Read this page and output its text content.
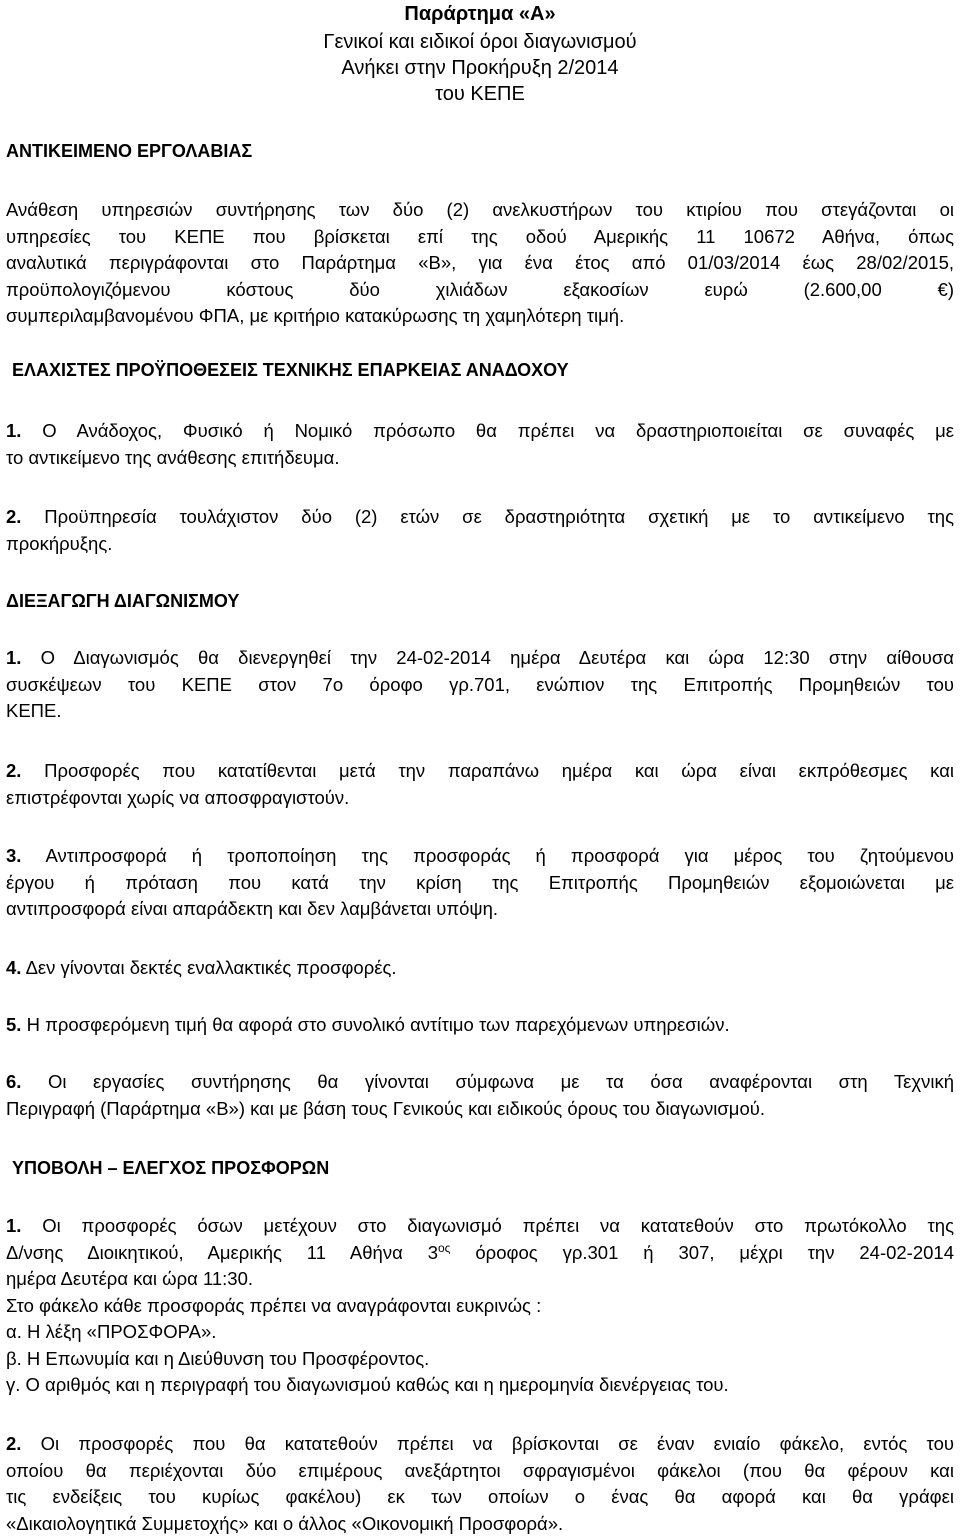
Παράρτημα «Α»
Γενικοί και ειδικοί όροι διαγωνισμού
Ανήκει στην Προκήρυξη 2/2014
του ΚΕΠΕ
ΑΝΤΙΚΕΙΜΕΝΟ ΕΡΓΟΛΑΒΙΑΣ
Ανάθεση υπηρεσιών συντήρησης των δύο (2) ανελκυστήρων του κτιρίου που στεγάζονται οι
υπηρεσίες του ΚΕΠΕ που βρίσκεται επί της οδού Αμερικής 11 10672 Αθήνα, όπως
αναλυτικά περιγράφονται στο Παράρτημα «Β», για ένα έτος από 01/03/2014 έως 28/02/2015,
προϋπολογιζόμενου κόστους δύο χιλιάδων εξακοσίων ευρώ (2.600,00 €)
συμπεριλαμβανομένου ΦΠΑ, με κριτήριο κατακύρωσης τη χαμηλότερη τιμή.
ΕΛΑΧΙΣΤΕΣ ΠΡΟΫΠΟΘΕΣΕΙΣ ΤΕΧΝΙΚΗΣ ΕΠΑΡΚΕΙΑΣ ΑΝΑΔΟΧΟΥ
1. Ο Ανάδοχος, Φυσικό ή Νομικό πρόσωπο θα πρέπει να δραστηριοποιείται σε συναφές με
το αντικείμενο της ανάθεσης επιτήδευμα.
2. Προϋπηρεσία τουλάχιστον δύο (2) ετών σε δραστηριότητα σχετική με το αντικείμενο της
προκήρυξης.
ΔΙΕΞΑΓΩΓΗ ΔΙΑΓΩΝΙΣΜΟΥ
1. Ο Διαγωνισμός θα διενεργηθεί την 24-02-2014 ημέρα Δευτέρα και ώρα 12:30 στην αίθουσα
συσκέψεων του ΚΕΠΕ στον 7ο όροφο γρ.701, ενώπιον της Επιτροπής Προμηθειών του
ΚΕΠΕ.
2. Προσφορές που κατατίθενται μετά την παραπάνω ημέρα και ώρα είναι εκπρόθεσμες και
επιστρέφονται χωρίς να αποσφραγιστούν.
3. Αντιπροσφορά ή τροποποίηση της προσφοράς ή προσφορά για μέρος του ζητούμενου
έργου ή πρόταση που κατά την κρίση της Επιτροπής Προμηθειών εξομοιώνεται με
αντιπροσφορά είναι απαράδεκτη και δεν λαμβάνεται υπόψη.
4. Δεν γίνονται δεκτές εναλλακτικές προσφορές.
5. Η προσφερόμενη τιμή θα αφορά στο συνολικό αντίτιμο των παρεχόμενων υπηρεσιών.
6. Οι εργασίες συντήρησης θα γίνονται σύμφωνα με τα όσα αναφέρονται στη Τεχνική
Περιγραφή (Παράρτημα «Β») και με βάση τους Γενικούς και ειδικούς όρους του διαγωνισμού.
ΥΠΟΒΟΛΗ – ΕΛΕΓΧΟΣ ΠΡΟΣΦΟΡΩΝ
1. Οι προσφορές όσων μετέχουν στο διαγωνισμό πρέπει να κατατεθούν στο πρωτόκολλο της
Δ/νσης Διοικητικού, Αμερικής 11 Αθήνα $3^{o\varsigma}$ όροφος γρ.301 ή 307, μέχρι την 24-02-2014
ημέρα Δευτέρα και ώρα 11:30.
Στο φάκελο κάθε προσφοράς πρέπει να αναγράφονται ευκρινώς :
α. Η λέξη «ΠΡΟΣΦΟΡΑ».
β. Η Επωνυμία και η Διεύθυνση του Προσφέροντος.
γ. Ο αριθμός και η περιγραφή του διαγωνισμού καθώς και η ημερομηνία διενέργειας του.
2. Οι προσφορές που θα κατατεθούν πρέπει να βρίσκονται σε έναν ενιαίο φάκελο, εντός του
οποίου θα περιέχονται δύο επιμέρους ανεξάρτητοι σφραγισμένοι φάκελοι (που θα φέρουν και
τις ενδείξεις του κυρίως φακέλου) εκ των οποίων ο ένας θα αφορά και θα γράφει
«Δικαιολογητικά Συμμετοχής» και ο άλλος «Οικονομική Προσφορά».
